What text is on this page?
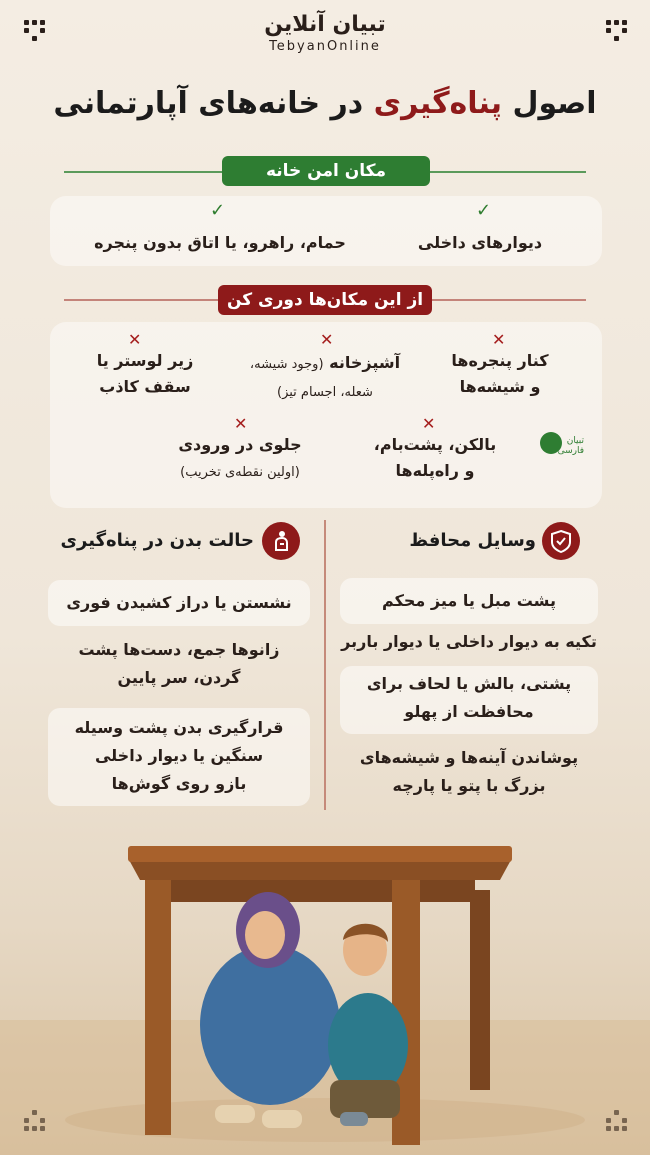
تبیان آنلاین
TebyanOnline
اصول پناه‌گیری در خانه‌های آپارتمانی
مکان امن خانه
✓
✓
دیوارهای داخلی
حمام، راهرو، یا اتاق بدون پنجره
از این مکان‌ها دوری کن
✕
✕
✕
✕
✕
کنار پنجره‌ها
و شیشه‌ها
آشپزخانه (وجود شیشه،
شعله، اجسام تیز)
زیر لوستر یا
سقف کاذب
بالکن، پشت‌بام،
و راه‌پله‌ها
جلوی در ورودی
(اولین نقطه‌ی تخریب)
تبیان فارسی
وسایل محافظ
پشت مبل یا میز محکم
تکیه به دیوار داخلی یا دیوار باربر
پشتی، بالش یا لحاف برای
محافظت از پهلو
پوشاندن آینه‌ها و شیشه‌های
بزرگ با پتو یا پارچه
حالت بدن در پناه‌گیری
نشستن یا دراز کشیدن فوری
زانوها جمع، دست‌ها پشت
گردن، سر پایین
قرارگیری بدن پشت وسیله
سنگین یا دیوار داخلی
بازو روی گوش‌ها
